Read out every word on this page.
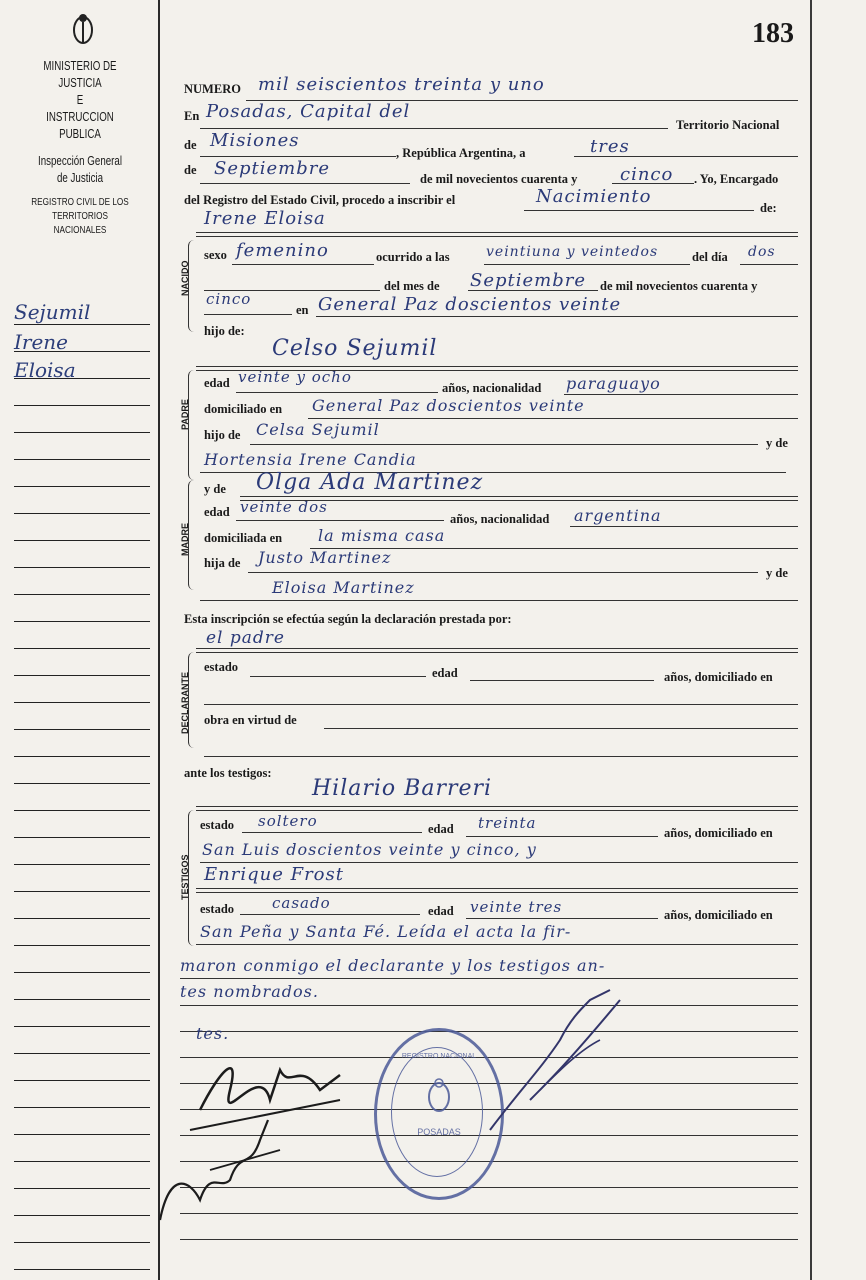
MINISTERIO DE JUSTICIA
E
INSTRUCCION PUBLICA
Inspección General
de Justicia
REGISTRO CIVIL DE LOS
TERRITORIOS NACIONALES
Sejumil
Irene
Eloisa
183
NUMERO mil seiscientos treinta y uno
En Posadas, Capital del
Territorio Nacional
de Misiones
, República Argentina, a	tres
de Septiembre	de mil novecientos cuarenta y cinco . Yo, Encargado
del Registro del Estado Civil, procedo a inscribir el	Nacimiento
de:
Irene Eloisa
NACIDO
sexo femenino	ocurrido a las	veintiuna y veintedos	del día dos
del mes de Septiembre de mil novecientos cuarenta y
cinco
en General Paz doscientos veinte
hijo de:
Celso Sejumil
PADRE
edad veinte y ocho
años, nacionalidad paraguayo
domiciliado en General Paz doscientos veinte
hijo de Celsa Sejumil
y de
Hortensia Irene Candia
MADRE
y de Olga Ada Martinez
edad veinte dos
años, nacionalidad argentina
domiciliada en la misma casa
hija de Justo Martinez
y de
Eloisa Martinez
Esta inscripción se efectúa según la declaración prestada por:
el padre
DECLARANTE
estado	edad	años, domiciliado en
obra en virtud de
ante los testigos:
Hilario Barreri
TESTIGOS
estado soltero	edad treinta
años, domiciliado en
San Luis doscientos veinte y cinco, y
Enrique Frost
estado	casado	edad veinte tres	años, domiciliado en
San Peña y Santa Fé. Leída el acta la fir-
maron conmigo el declarante y los testigos an-
tes nombrados.
tes.
REGISTRO NACIONAL
POSADAS
